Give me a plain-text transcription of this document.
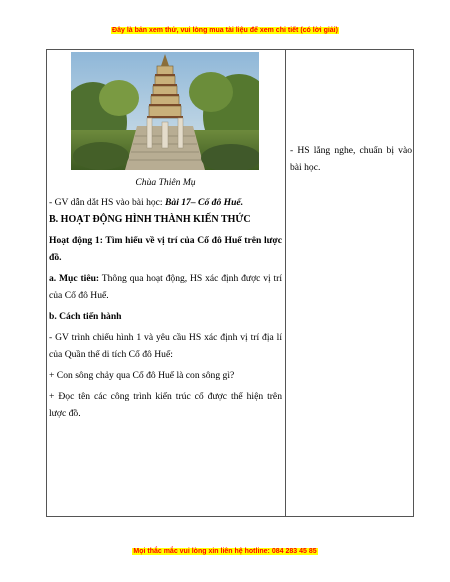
Đây là bản xem thử, vui lòng mua tài liệu để xem chi tiết (có lời giải)
Chùa Thiên Mụ

- GV dẫn dắt HS vào bài học: Bài 17– Cố đô Huế.

B. HOẠT ĐỘNG HÌNH THÀNH KIẾN THỨC

Hoạt động 1: Tìm hiểu về vị trí của Cố đô Huế trên lược đồ.

a. Mục tiêu: Thông qua hoạt động, HS xác định được vị trí của Cố đô Huế.

b. Cách tiến hành

- GV trình chiếu hình 1 và yêu cầu HS xác định vị trí địa lí của Quần thể di tích Cố đô Huế:

+ Con sông chảy qua Cố đô Huế là con sông gì?

+ Đọc tên các công trình kiến trúc cổ được thể hiện trên lược đồ.

- HS lắng nghe, chuẩn bị vào bài học.

Mọi thắc mắc vui lòng xin liên hệ hotline: 084 283 45 85
